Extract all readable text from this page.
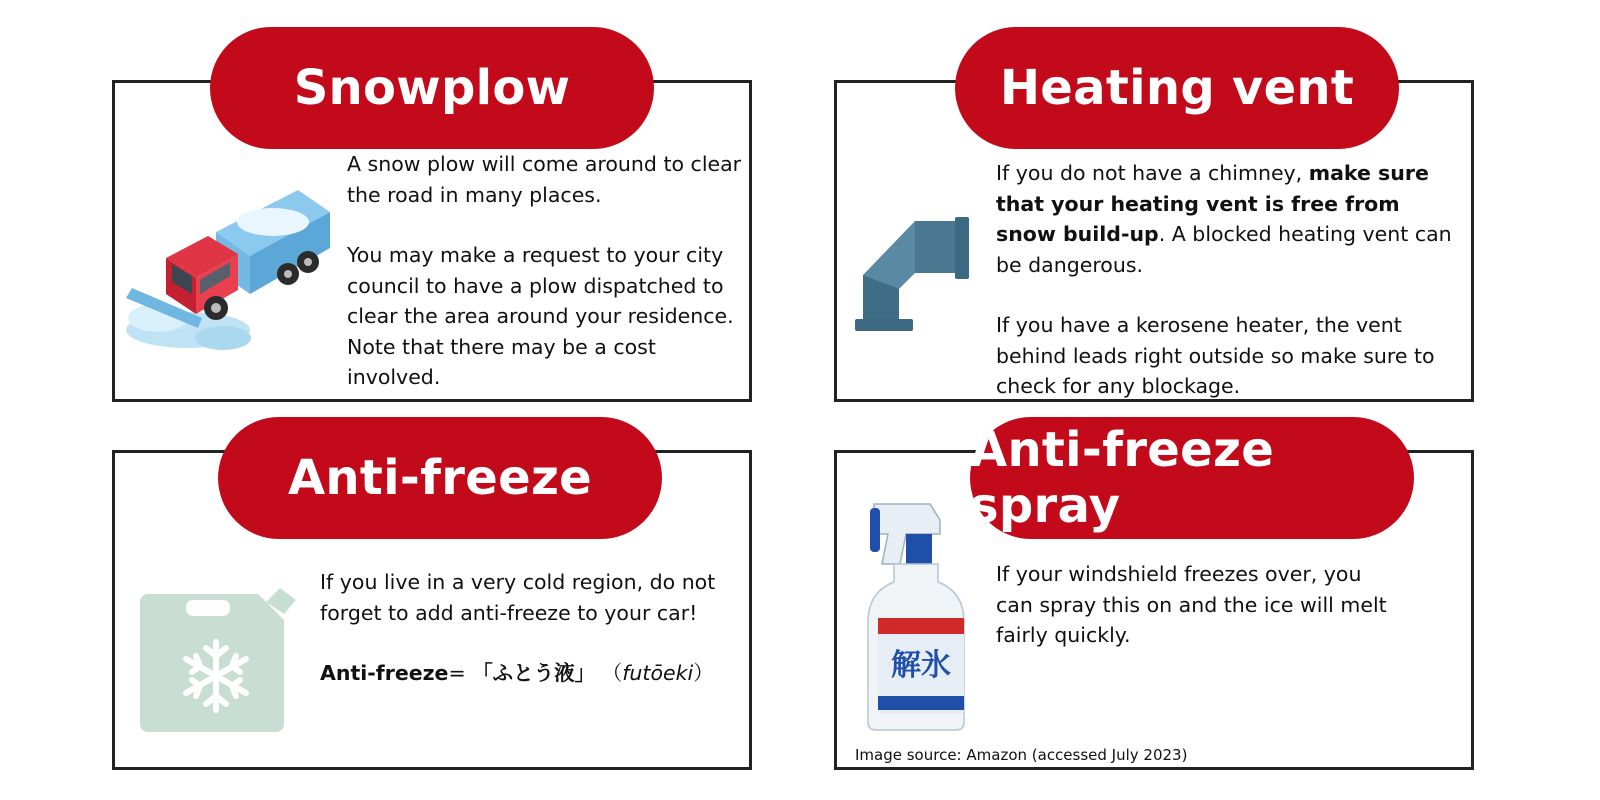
Snowplow

A snow plow will come around to clear the road in many places.

You may make a request to your city council to have a plow dispatched to clear the area around your residence. Note that there may be a cost involved.

Heating vent

If you do not have a chimney, make sure that your heating vent is free from snow build-up. A blocked heating vent can be dangerous.

If you have a kerosene heater, the vent behind leads right outside so make sure to check for any blockage.

Anti-freeze

If you live in a very cold region, do not forget to add anti-freeze to your car!

Anti-freeze= 「ふとう液」 （futōeki）

Anti-freeze spray
解氷

If your windshield freezes over, you can spray this on and the ice will melt fairly quickly.

Image source: Amazon (accessed July 2023)
